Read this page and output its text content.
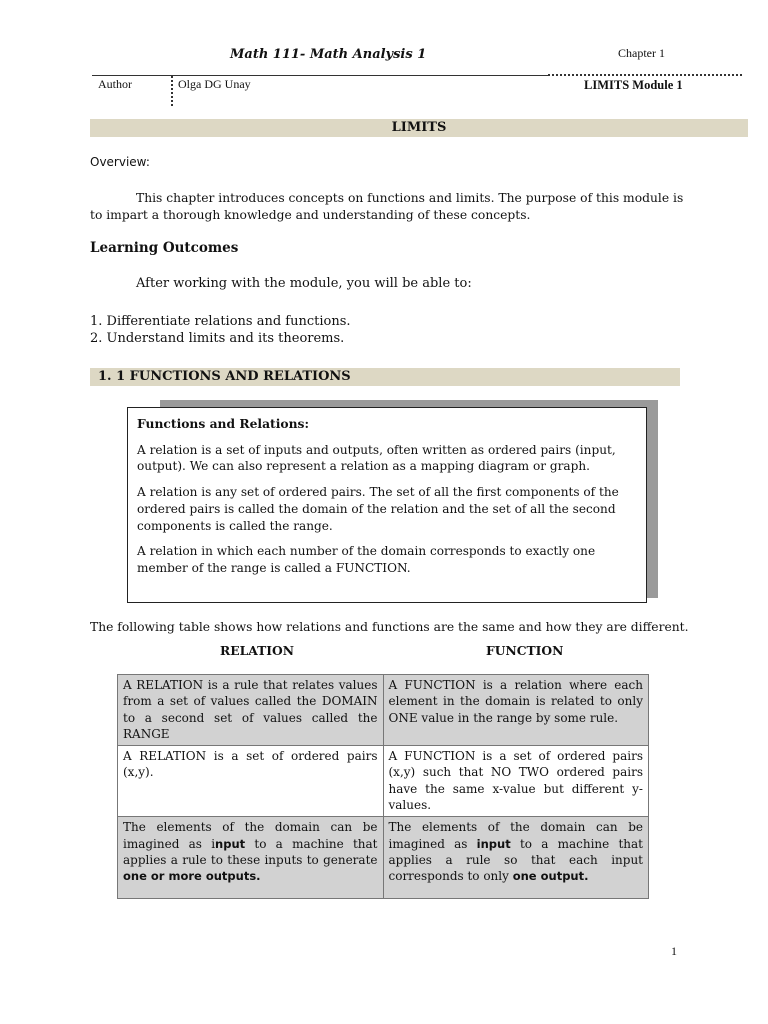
Math 111- Math Analysis 1	Chapter 1
Author	Olga DG Unay	LIMITS Module 1
LIMITS
Overview:
This chapter introduces concepts on functions and limits. The purpose of this module is to impart a thorough knowledge and understanding of these concepts.
Learning Outcomes
After working with the module, you will be able to:
1. Differentiate relations and functions.
2. Understand limits and its theorems.
1. 1 FUNCTIONS AND RELATIONS
Functions and Relations:

A relation is a set of inputs and outputs, often written as ordered pairs (input, output). We can also represent a relation as a mapping diagram or graph.

A relation is any set of ordered pairs. The set of all the first components of the ordered pairs is called the domain of the relation and the set of all the second components is called the range.

A relation in which each number of the domain corresponds to exactly one member of the range is called a FUNCTION.

The following table shows how relations and functions are the same and how they are different.
RELATION	FUNCTION
A RELATION is a rule that relates values from a set of values called the DOMAIN to a second set of values called the RANGE	A FUNCTION is a relation where each element in the domain is related to only ONE value in the range by some rule.
A RELATION is a set of ordered pairs (x,y).	A FUNCTION is a set of ordered pairs (x,y) such that NO TWO ordered pairs have the same x-value but different y-values.
The elements of the domain can be imagined as input to a machine that applies a rule to these inputs to generate one or more outputs.	The elements of the domain can be imagined as input to a machine that applies a rule so that each input corresponds to only one output.
1
